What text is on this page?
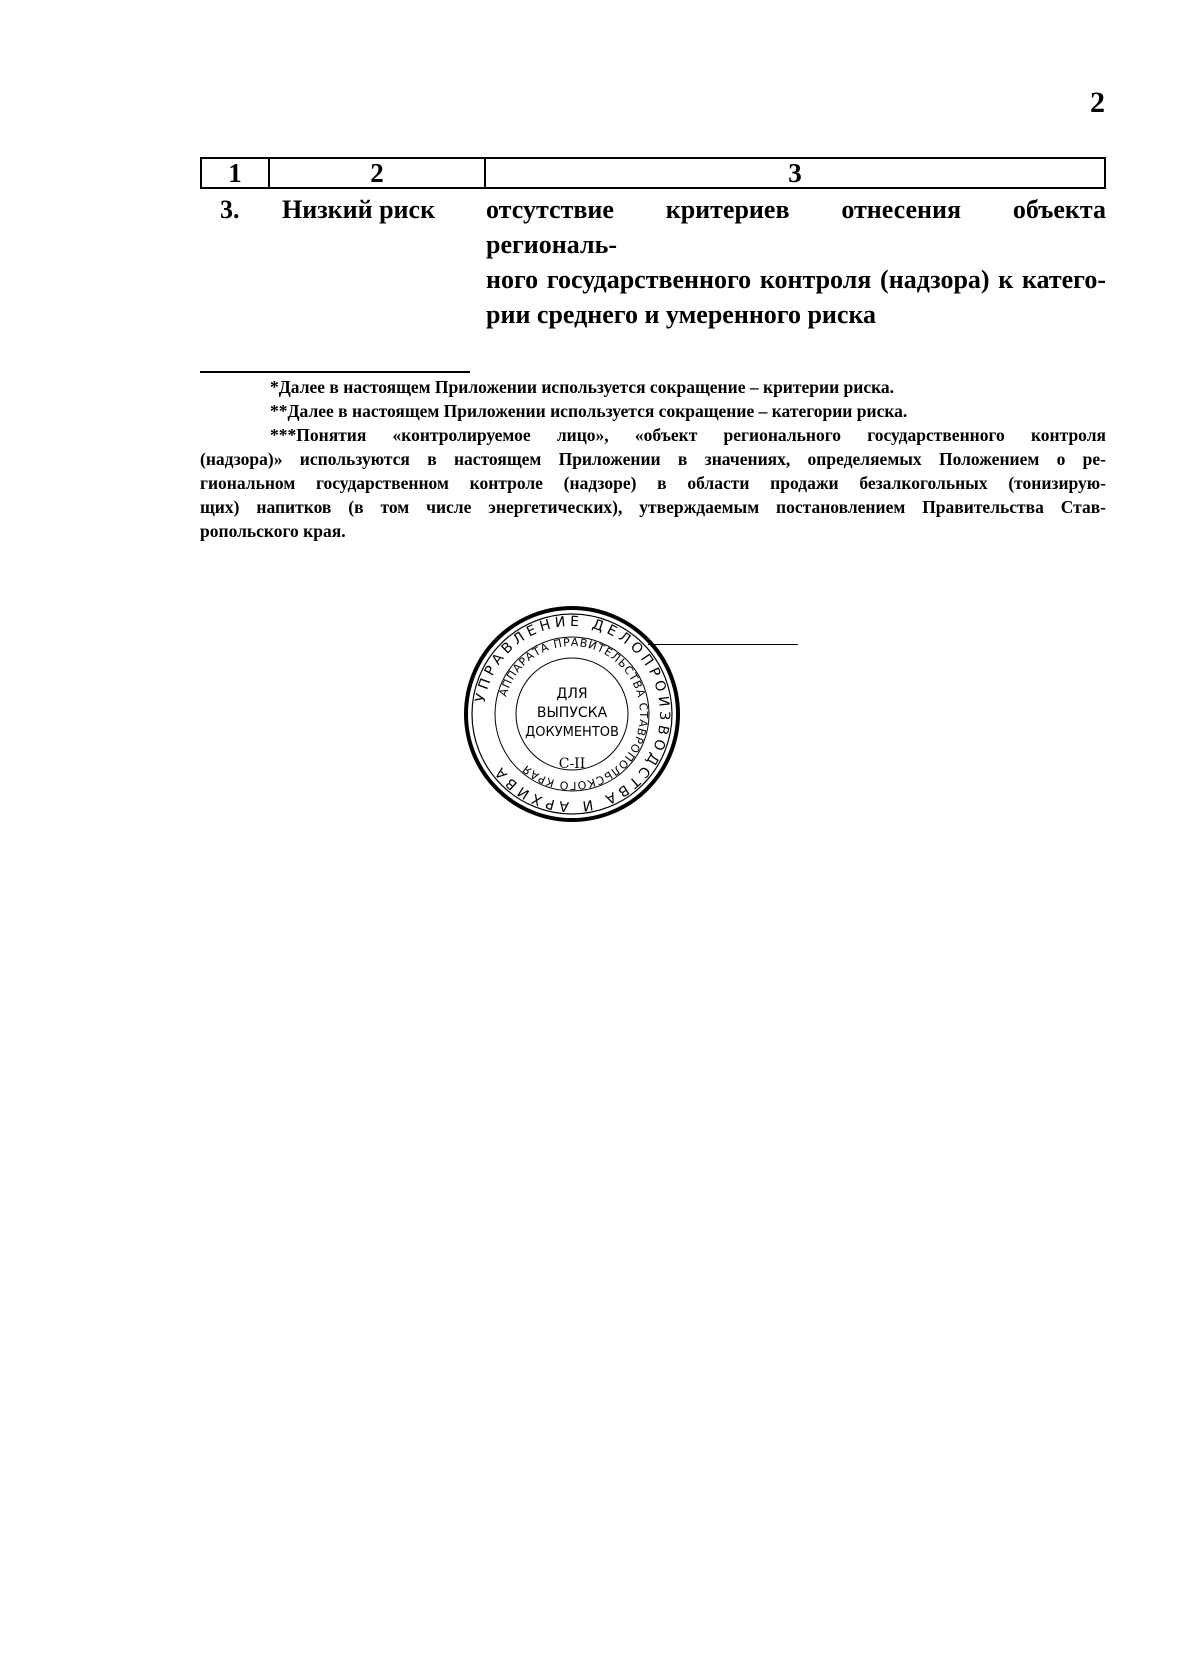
2
1	2	3
3. Низкий риск	отсутствие критериев отнесения объекта региональ-
ного государственного контроля (надзора) к катего-
рии среднего и умеренного риска

*Далее в настоящем Приложении используется сокращение – критерии риска.

**Далее в настоящем Приложении используется сокращение – категории риска.

***Понятия «контролируемое лицо», «объект регионального государственного контроля
(надзора)» используются в настоящем Приложении в значениях, определяемых Положением о ре-
гиональном государственном контроле (надзоре) в области продажи безалкогольных (тонизирую-
щих) напитков (в том числе энергетических), утверждаемым постановлением Правительства Став-
ропольского края.

УПРАВЛЕНИЕ ДЕЛОПРОИЗВОДСТВА И АРХИВА
АППАРАТА ПРАВИТЕЛЬСТВА СТАВРОПОЛЬСКОГО КРАЯ
ДЛЯ
ВЫПУСКА
ДОКУМЕНТОВ
С-II
